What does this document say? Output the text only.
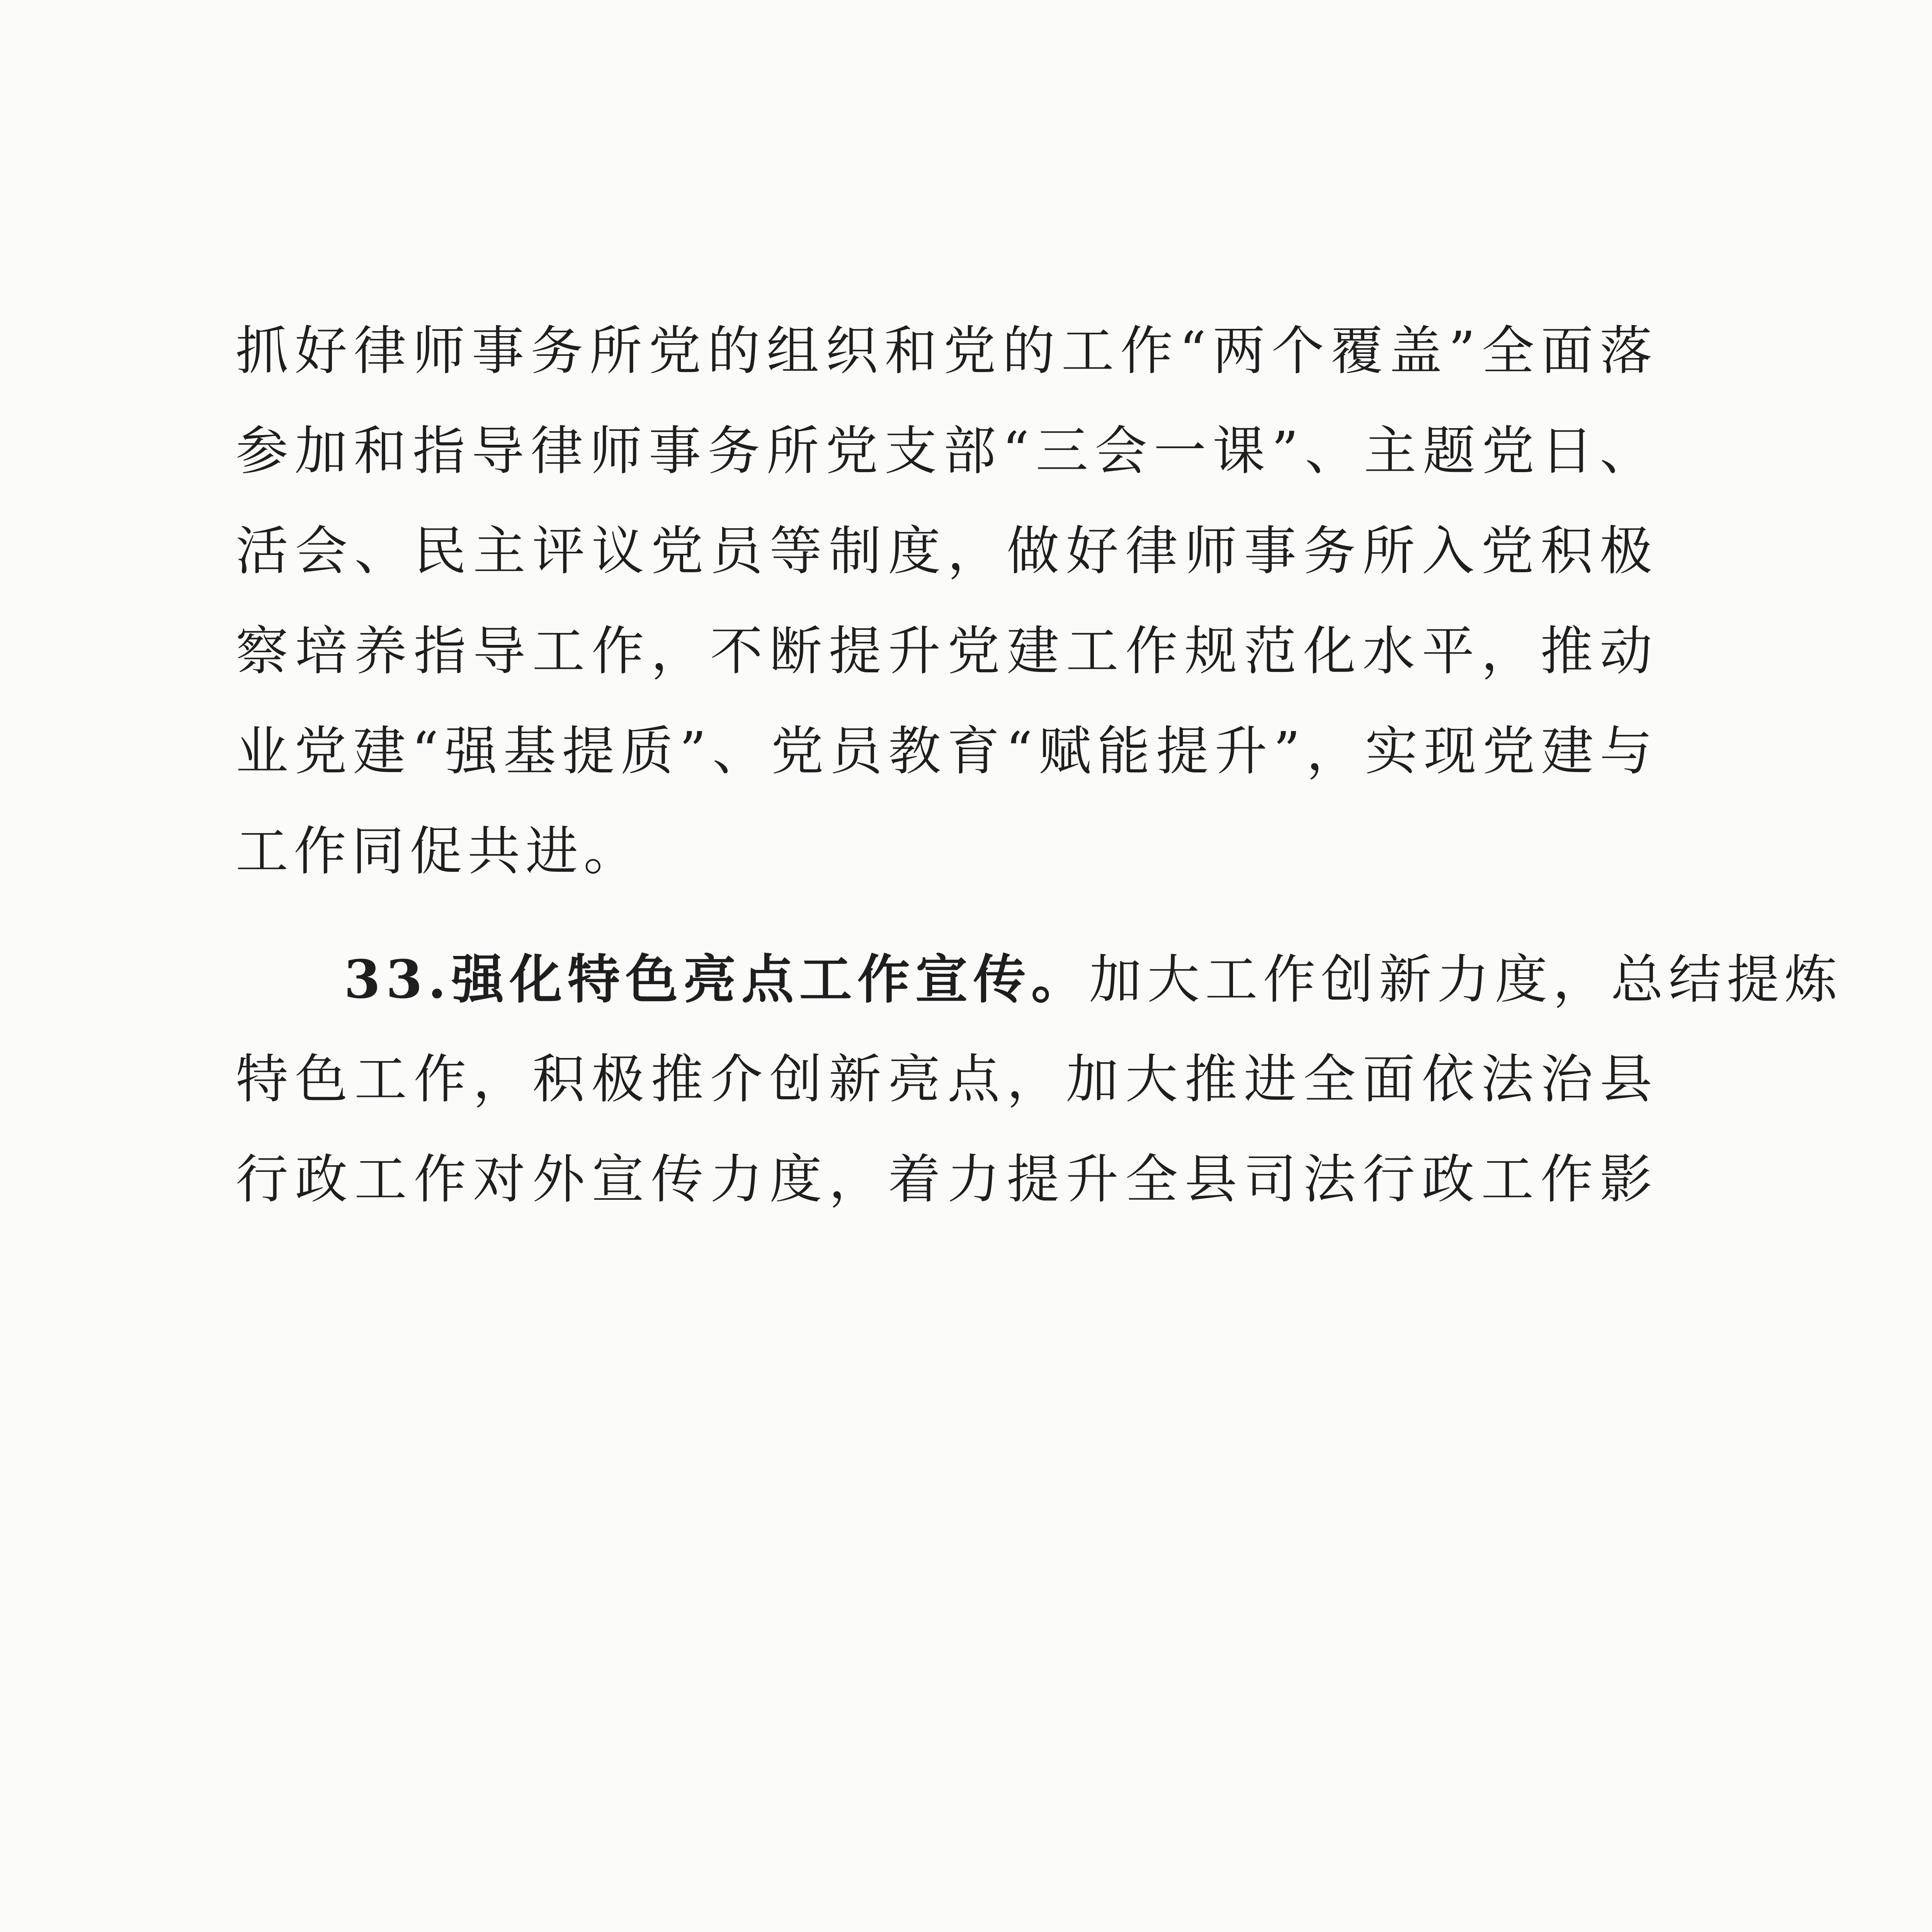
抓好律师事务所党的组织和党的工作“两个覆盖”全面落
参加和指导律师事务所党支部“三会一课”、主题党日、
活会、民主评议党员等制度，做好律师事务所入党积极
察培养指导工作，不断提升党建工作规范化水平，推动
业党建“强基提质”、党员教育“赋能提升”，实现党建与
工作同促共进。
33.强化特色亮点工作宣传。加大工作创新力度，总结提炼
特色工作，积极推介创新亮点，加大推进全面依法治县
行政工作对外宣传力度，着力提升全县司法行政工作影
